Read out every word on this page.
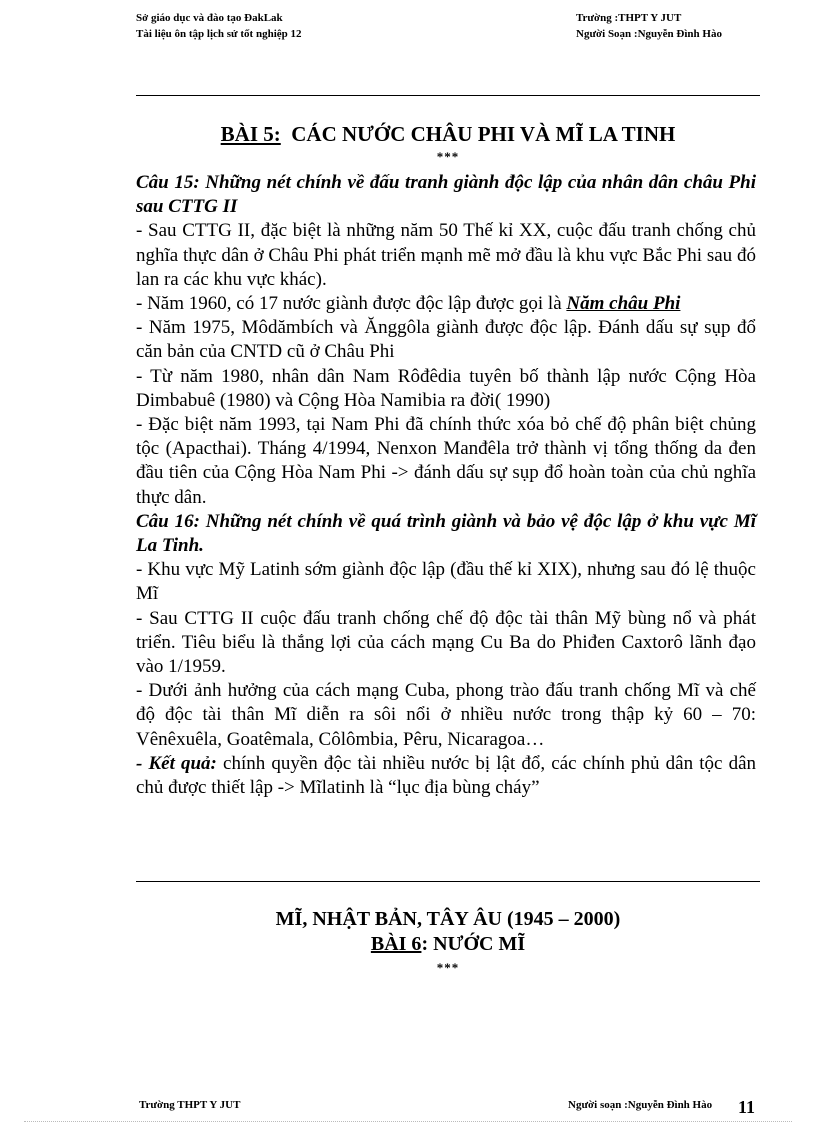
Sở giáo dục và đào tạo ĐakLak
Tài liệu ôn tập lịch sử tốt nghiệp 12
Trường :THPT Y JUT
Người Soạn :Nguyễn Đình Hào
BÀI 5: CÁC NƯỚC CHÂU PHI VÀ MĨ LA TINH
***

Câu 15: Những nét chính về đấu tranh giành độc lập của nhân dân châu Phi sau CTTG II

- Sau CTTG II, đặc biệt là những năm 50 Thế kỉ XX, cuộc đấu tranh chống chủ nghĩa thực dân ở Châu Phi phát triển mạnh mẽ mở đầu là khu vực Bắc Phi sau đó lan ra các khu vực khác).

- Năm 1960, có 17 nước giành được độc lập được gọi là Năm châu Phi

- Năm 1975, Môdămbích và Ănggôla giành được độc lập. Đánh dấu sự sụp đổ căn bản của CNTD cũ ở Châu Phi

- Từ năm 1980, nhân dân Nam Rôđêdia tuyên bố thành lập nước Cộng Hòa Dimbabuê (1980) và Cộng Hòa Namibia ra đời( 1990)

- Đặc biệt năm 1993, tại Nam Phi đã chính thức xóa bỏ chế độ phân biệt chủng tộc (Apacthai). Tháng 4/1994, Nenxon Manđêla trở thành vị tổng thống da đen đầu tiên của Cộng Hòa Nam Phi -> đánh dấu sự sụp đổ hoàn toàn của chủ nghĩa thực dân.

Câu 16: Những nét chính về quá trình giành và bảo vệ độc lập ở khu vực Mĩ La Tinh.

- Khu vực Mỹ Latinh sớm giành độc lập (đầu thế kỉ XIX), nhưng sau đó lệ thuộc Mĩ

- Sau CTTG II cuộc đấu tranh chống chế độ độc tài thân Mỹ bùng nổ và phát triển. Tiêu biểu là thắng lợi của cách mạng Cu Ba do Phiđen Caxtorô lãnh đạo vào 1/1959.

- Dưới ảnh hưởng của cách mạng Cuba, phong trào đấu tranh chống Mĩ và chế độ độc tài thân Mĩ diễn ra sôi nổi ở nhiều nước trong thập kỷ 60 – 70: Vênêxuêla, Goatêmala, Côlômbia, Pêru, Nicaragoa…

- Kết quả: chính quyền độc tài nhiều nước bị lật đổ, các chính phủ dân tộc dân chủ được thiết lập -> Mĩlatinh là “lục địa bùng cháy”

MĨ, NHẬT BẢN, TÂY ÂU (1945 – 2000)
BÀI 6: NƯỚC MĨ
***
Trường THPT Y JUT	Người soạn :Nguyễn Đình Hào 11
